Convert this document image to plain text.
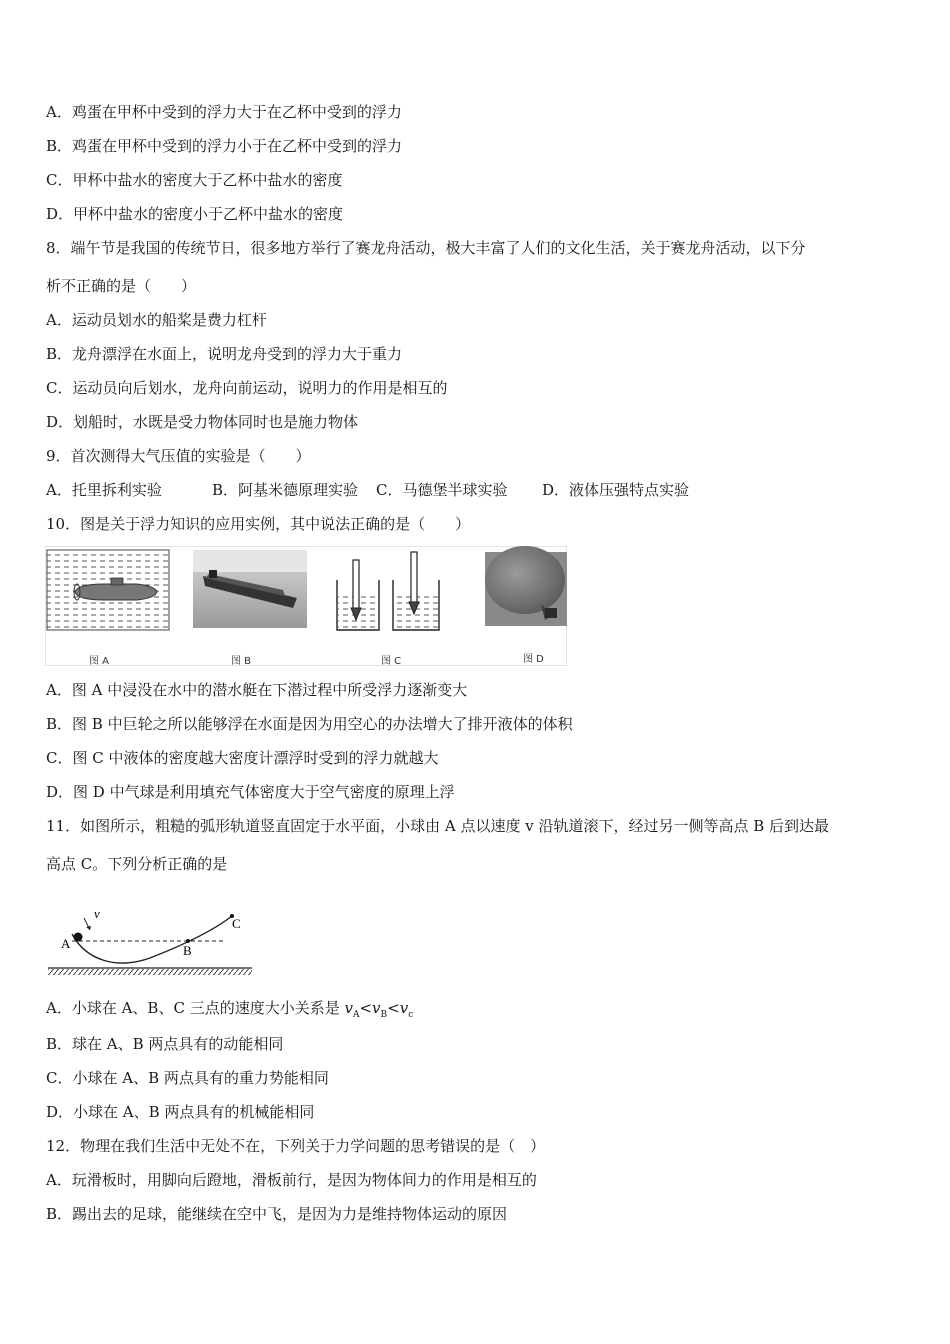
A．鸡蛋在甲杯中受到的浮力大于在乙杯中受到的浮力
B．鸡蛋在甲杯中受到的浮力小于在乙杯中受到的浮力
C．甲杯中盐水的密度大于乙杯中盐水的密度
D．甲杯中盐水的密度小于乙杯中盐水的密度
8．端午节是我国的传统节日，很多地方举行了赛龙舟活动，极大丰富了人们的文化生活，关于赛龙舟活动，以下分
析不正确的是（　　）
A．运动员划水的船桨是费力杠杆
B．龙舟漂浮在水面上，说明龙舟受到的浮力大于重力
C．运动员向后划水，龙舟向前运动，说明力的作用是相互的
D．划船时，水既是受力物体同时也是施力物体
9．首次测得大气压值的实验是（　　）
A．托里拆利实验	B．阿基米德原理实验 C．马德堡半球实验 D．液体压强特点实验
10．图是关于浮力知识的应用实例，其中说法正确的是（　　）
图 A	图 B	图 C	图 D
A．图 A 中浸没在水中的潜水艇在下潜过程中所受浮力逐渐变大
B．图 B 中巨轮之所以能够浮在水面是因为用空心的办法增大了排开液体的体积
C．图 C 中液体的密度越大密度计漂浮时受到的浮力就越大
D．图 D 中气球是利用填充气体密度大于空气密度的原理上浮
11．如图所示，粗糙的弧形轨道竖直固定于水平面，小球由 A 点以速度 v 沿轨道滚下，经过另一侧等高点 B 后到达最
高点 C。下列分析正确的是
A	B
C
v
A．小球在 A、B、C 三点的速度大小关系是 $v_A<v_B<v_c$
B．球在 A、B 两点具有的动能相同
C．小球在 A、B 两点具有的重力势能相同
D．小球在 A、B 两点具有的机械能相同
12．物理在我们生活中无处不在，下列关于力学问题的思考错误的是（　）
A．玩滑板时，用脚向后蹬地，滑板前行，是因为物体间力的作用是相互的
B．踢出去的足球，能继续在空中飞，是因为力是维持物体运动的原因
